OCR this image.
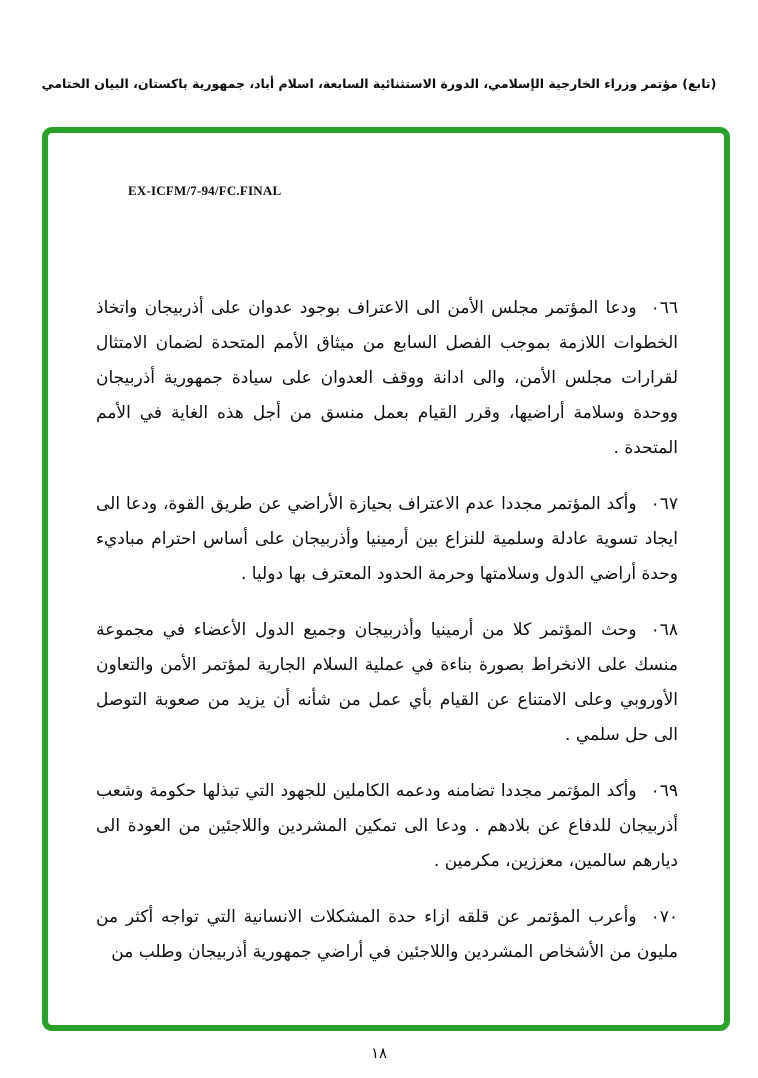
(تابع) مؤتمر وزراء الخارجية الإسلامي، الدورة الاستثنائية السابعة، اسلام أباد، جمهورية باكستان، البيان الختامي
EX-ICFM/7-94/FC.FINAL
٠٦٦ودعا المؤتمر مجلس الأمن الى الاعتراف بوجود عدوان على أذربيجان واتخاذ الخطوات اللازمة بموجب الفصل السابع من ميثاق الأمم المتحدة لضمان الامتثال لقرارات مجلس الأمن، والى ادانة ووقف العدوان على سيادة جمهورية أذربيجان ووحدة وسلامة أراضيها، وقرر القيام بعمل منسق من أجل هذه الغاية في الأمم المتحدة .
٠٦٧وأكد المؤتمر مجددا عدم الاعتراف بحيازة الأراضي عن طريق القوة، ودعا الى ايجاد تسوية عادلة وسلمية للنزاع بين أرمينيا وأذربيجان على أساس احترام مباديء وحدة أراضي الدول وسلامتها وحرمة الحدود المعترف بها دوليا .
٠٦٨وحث المؤتمر كلا من أرمينيا وأذربيجان وجميع الدول الأعضاء في مجموعة منسك على الانخراط بصورة بناءة في عملية السلام الجارية لمؤتمر الأمن والتعاون الأوروبي وعلى الامتناع عن القيام بأي عمل من شأنه أن يزيد من صعوبة التوصل الى حل سلمي .
٠٦٩وأكد المؤتمر مجددا تضامنه ودعمه الكاملين للجهود التي تبذلها حكومة وشعب أذربيجان للدفاع عن بلادهم . ودعا الى تمكين المشردين واللاجئين من العودة الى ديارهم سالمين، معززين، مكرمين .
٠٧٠وأعرب المؤتمر عن قلقه ازاء حدة المشكلات الانسانية التي تواجه أكثر من مليون من الأشخاص المشردين واللاجئين في أراضي جمهورية أذربيجان وطلب من
١٨
